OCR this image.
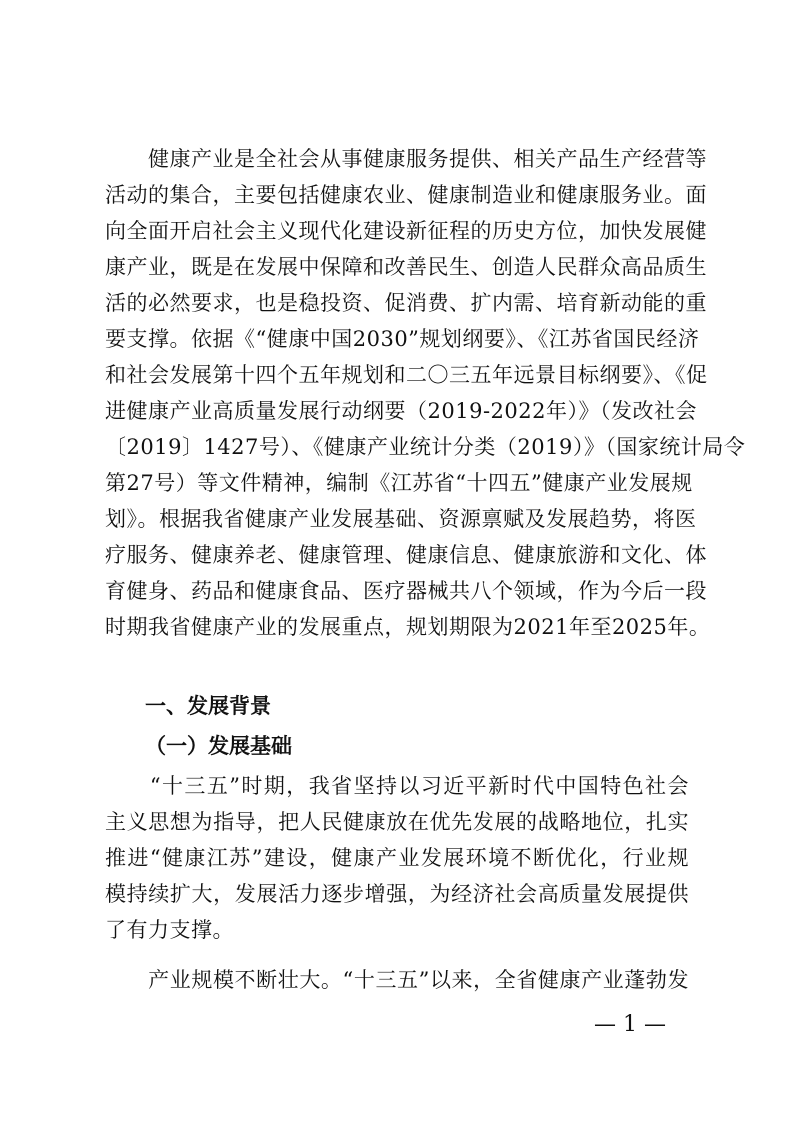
　　健康产业是全社会从事健康服务提供、相关产品生产经营等
活动的集合，主要包括健康农业、健康制造业和健康服务业。面
向全面开启社会主义现代化建设新征程的历史方位，加快发展健
康产业，既是在发展中保障和改善民生、创造人民群众高品质生
活的必然要求，也是稳投资、促消费、扩内需、培育新动能的重
要支撑。依据《“健康中国2030”规划纲要》、《江苏省国民经济
和社会发展第十四个五年规划和二〇三五年远景目标纲要》、《促
进健康产业高质量发展行动纲要（2019-2022年）》（发改社会
〔2019〕1427号）、《健康产业统计分类（2019）》（国家统计局令
第27号）等文件精神，编制《江苏省“十四五”健康产业发展规
划》。根据我省健康产业发展基础、资源禀赋及发展趋势，将医
疗服务、健康养老、健康管理、健康信息、健康旅游和文化、体
育健身、药品和健康食品、医疗器械共八个领域，作为今后一段
时期我省健康产业的发展重点，规划期限为2021年至2025年。
一、发展背景
（一）发展基础
　　“十三五”时期，我省坚持以习近平新时代中国特色社会
主义思想为指导，把人民健康放在优先发展的战略地位，扎实
推进“健康江苏”建设，健康产业发展环境不断优化，行业规
模持续扩大，发展活力逐步增强，为经济社会高质量发展提供
了有力支撑。
　　产业规模不断壮大。“十三五”以来，全省健康产业蓬勃发
— 1 —
